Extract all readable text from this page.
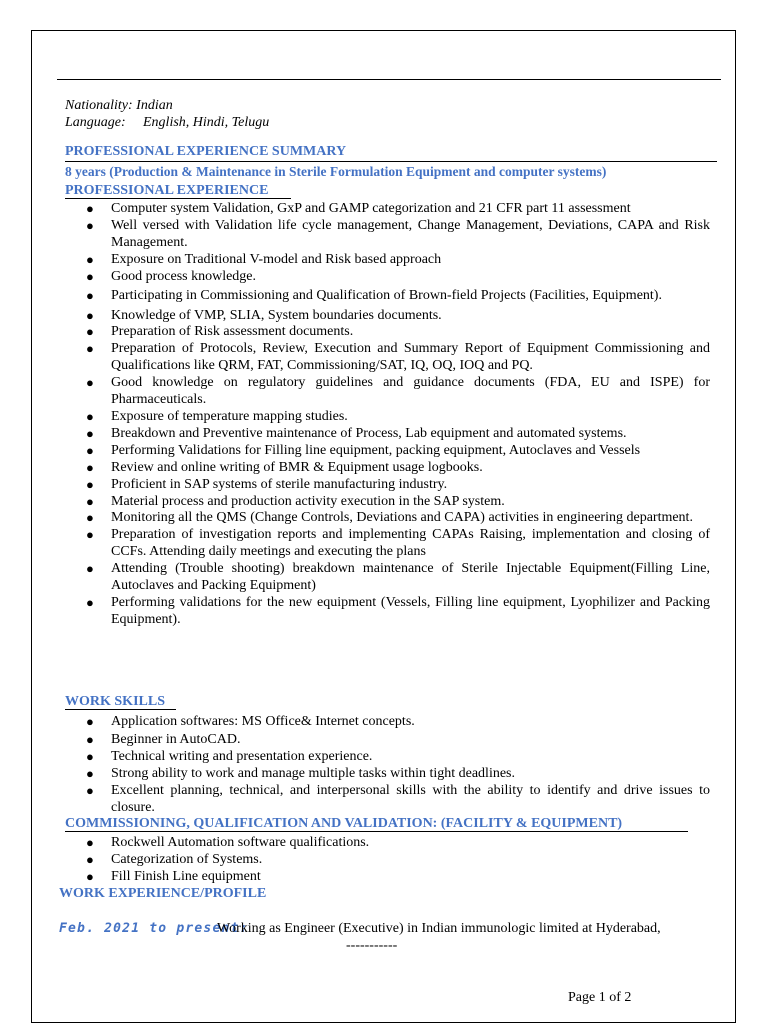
Nationality: Indian

Language: English, Hindi, Telugu

PROFESSIONAL EXPERIENCE SUMMARY

8 years (Production & Maintenance in Sterile Formulation Equipment and computer systems)

PROFESSIONAL EXPERIENCE

● Computer system Validation, GxP and GAMP categorization and 21 CFR part 11 assessment
● Well versed with Validation life cycle management, Change Management, Deviations, CAPA and Risk Management.
● Exposure on Traditional V-model and Risk based approach
● Good process knowledge.
● Participating in Commissioning and Qualification of Brown-field Projects (Facilities, Equipment).
● Knowledge of VMP, SLIA, System boundaries documents.
● Preparation of Risk assessment documents.
● Preparation of Protocols, Review, Execution and Summary Report of Equipment Commissioning and Qualifications like QRM, FAT, Commissioning/SAT, IQ, OQ, IOQ and PQ.
● Good knowledge on regulatory guidelines and guidance documents (FDA, EU and ISPE) for Pharmaceuticals.
● Exposure of temperature mapping studies.
● Breakdown and Preventive maintenance of Process, Lab equipment and automated systems.
● Performing Validations for Filling line equipment, packing equipment, Autoclaves and Vessels
● Review and online writing of BMR & Equipment usage logbooks.
● Proficient in SAP systems of sterile manufacturing industry.
● Material process and production activity execution in the SAP system.
● Monitoring all the QMS (Change Controls, Deviations and CAPA) activities in engineering department.
● Preparation of investigation reports and implementing CAPAs Raising, implementation and closing of CCFs. Attending daily meetings and executing the plans
● Attending (Trouble shooting) breakdown maintenance of Sterile Injectable Equipment(Filling Line, Autoclaves and Packing Equipment)
● Performing validations for the new equipment (Vessels, Filling line equipment, Lyophilizer and Packing Equipment).

WORK SKILLS

● Application softwares: MS Office& Internet concepts.
● Beginner in AutoCAD.
● Technical writing and presentation experience.
● Strong ability to work and manage multiple tasks within tight deadlines.
● Excellent planning, technical, and interpersonal skills with the ability to identify and drive issues to closure.

COMMISSIONING, QUALIFICATION AND VALIDATION: (FACILITY & EQUIPMENT)

● Rockwell Automation software qualifications.
● Categorization of Systems.
● Fill Finish Line equipment

WORK EXPERIENCE/PROFILE

Feb. 2021 to present:
Working as Engineer (Executive) in Indian immunologic limited at Hyderabad,
-----------
Page 1 of 2
